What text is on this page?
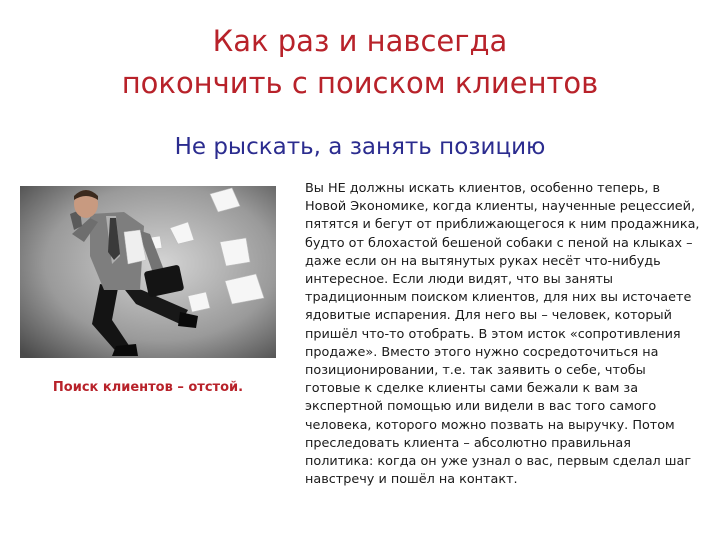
Как раз и навсегда
покончить с поиском клиентов
Не рыскать, а занять позицию
Поиск клиентов – отстой.

Вы НЕ должны искать клиентов, особенно теперь, в Новой Экономике, когда клиенты, наученные рецессией, пятятся и бегут от приближающегося к ним продажника, будто от блохастой бешеной собаки с пеной на клыках – даже если он на вытянутых руках несёт что-нибудь интересное. Если люди видят, что вы заняты традиционным поиском клиентов, для них вы источаете ядовитые испарения. Для него вы – человек, который пришёл что-то отобрать. В этом исток «сопротивления продаже». Вместо этого нужно сосредоточиться на позиционировании, т.е. так заявить о себе, чтобы готовые к сделке клиенты сами бежали к вам за экспертной помощью или видели в вас того самого человека, которого можно позвать на выручку. Потом преследовать клиента – абсолютно правильная политика: когда он уже узнал о вас, первым сделал шаг навстречу и пошёл на контакт.
